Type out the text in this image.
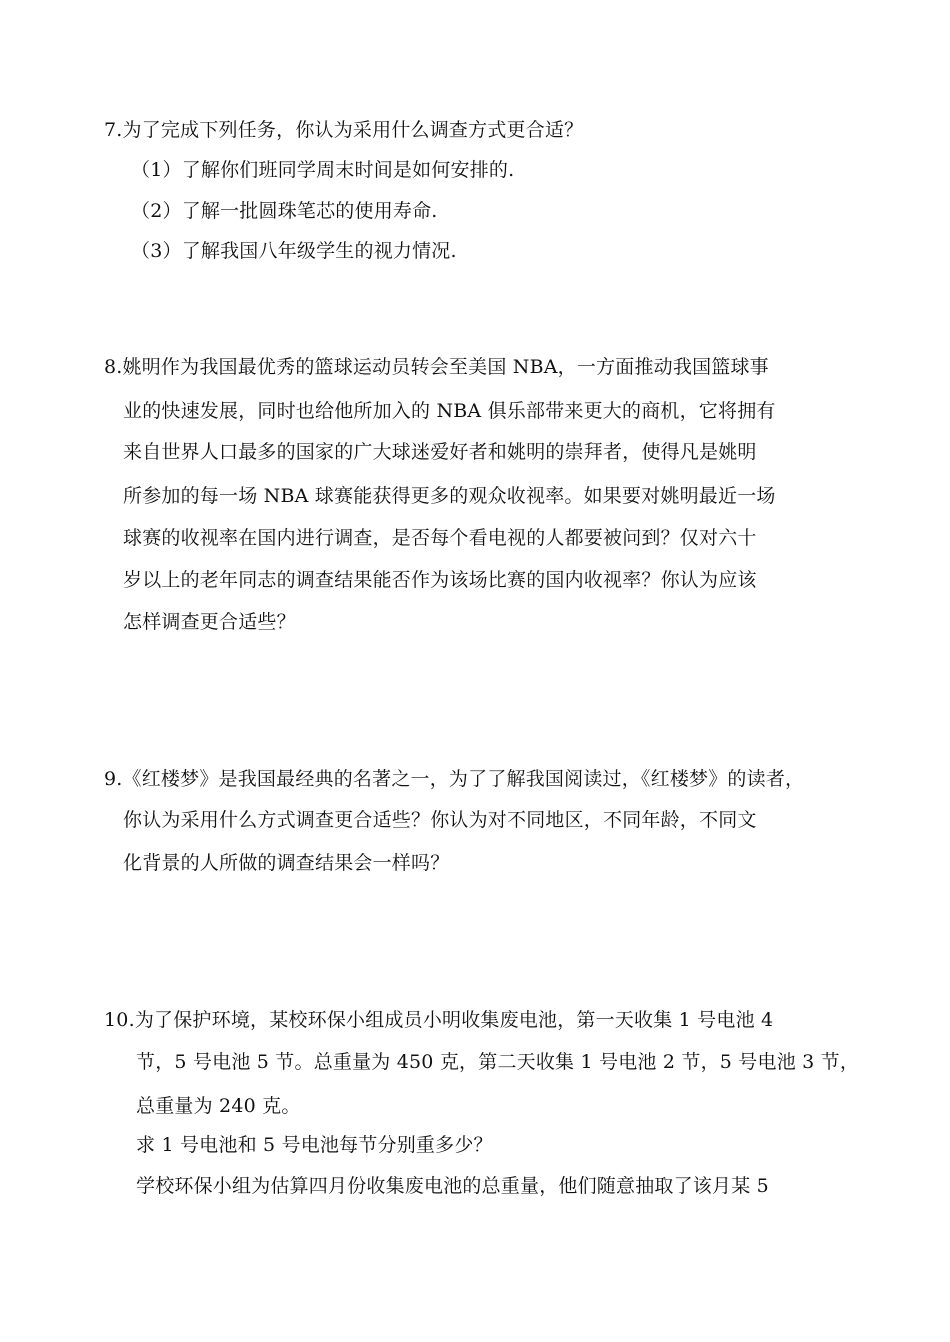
7.为了完成下列任务，你认为采用什么调查方式更合适？
（1）了解你们班同学周末时间是如何安排的.
（2）了解一批圆珠笔芯的使用寿命.
（3）了解我国八年级学生的视力情况.
8.姚明作为我国最优秀的篮球运动员转会至美国 NBA，一方面推动我国篮球事
业的快速发展，同时也给他所加入的 NBA 俱乐部带来更大的商机，它将拥有
来自世界人口最多的国家的广大球迷爱好者和姚明的崇拜者，使得凡是姚明
所参加的每一场 NBA 球赛能获得更多的观众收视率。如果要对姚明最近一场
球赛的收视率在国内进行调查，是否每个看电视的人都要被问到？仅对六十
岁以上的老年同志的调查结果能否作为该场比赛的国内收视率？你认为应该
怎样调查更合适些？
9.《红楼梦》是我国最经典的名著之一，为了了解我国阅读过，《红楼梦》的读者，
你认为采用什么方式调查更合适些？你认为对不同地区，不同年龄，不同文
化背景的人所做的调查结果会一样吗？
10.为了保护环境，某校环保小组成员小明收集废电池，第一天收集 1 号电池 4
节，5 号电池 5 节。总重量为 450 克，第二天收集 1 号电池 2 节，5 号电池 3 节，
总重量为 240 克。
求 1 号电池和 5 号电池每节分别重多少？
学校环保小组为估算四月份收集废电池的总重量，他们随意抽取了该月某 5
